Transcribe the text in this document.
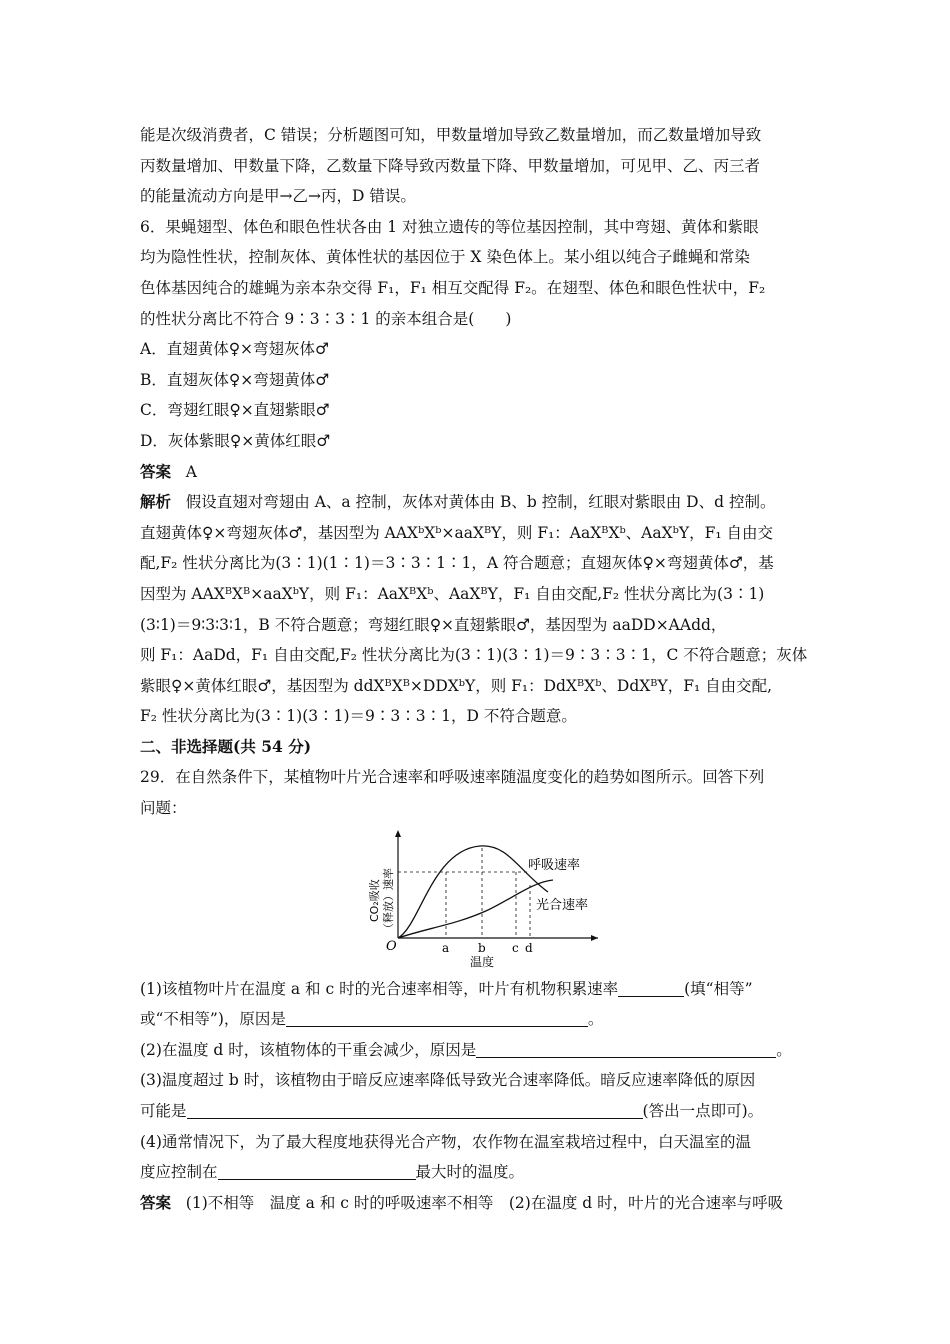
能是次级消费者，C 错误；分析题图可知，甲数量增加导致乙数量增加，而乙数量增加导致
丙数量增加、甲数量下降，乙数量下降导致丙数量下降、甲数量增加，可见甲、乙、丙三者
的能量流动方向是甲→乙→丙，D 错误。
6．果蝇翅型、体色和眼色性状各由 1 对独立遗传的等位基因控制，其中弯翅、黄体和紫眼
均为隐性性状，控制灰体、黄体性状的基因位于 X 染色体上。某小组以纯合子雌蝇和常染
色体基因纯合的雄蝇为亲本杂交得 F₁，F₁ 相互交配得 F₂。在翅型、体色和眼色性状中，F₂
的性状分离比不符合 9∶3∶3∶1 的亲本组合是(　　)
A．直翅黄体♀×弯翅灰体♂
B．直翅灰体♀×弯翅黄体♂
C．弯翅红眼♀×直翅紫眼♂
D．灰体紫眼♀×黄体红眼♂
答案 A
解析 假设直翅对弯翅由 A、a 控制，灰体对黄体由 B、b 控制，红眼对紫眼由 D、d 控制。
直翅黄体♀×弯翅灰体♂，基因型为 AAXᵇXᵇ×aaXᴮY，则 F₁：AaXᴮXᵇ、AaXᵇY，F₁ 自由交
配,F₂ 性状分离比为(3∶1)(1∶1)＝3∶3∶1∶1，A 符合题意；直翅灰体♀×弯翅黄体♂，基
因型为 AAXᴮXᴮ×aaXᵇY，则 F₁：AaXᴮXᵇ、AaXᴮY，F₁ 自由交配,F₂ 性状分离比为(3∶1)
(3∶1)＝9∶3∶3∶1，B 不符合题意；弯翅红眼♀×直翅紫眼♂，基因型为 aaDD×AAdd，
则 F₁：AaDd，F₁ 自由交配,F₂ 性状分离比为(3∶1)(3∶1)＝9∶3∶3∶1，C 不符合题意；灰体
紫眼♀×黄体红眼♂，基因型为 ddXᴮXᴮ×DDXᵇY，则 F₁：DdXᴮXᵇ、DdXᴮY，F₁ 自由交配,
F₂ 性状分离比为(3∶1)(3∶1)＝9∶3∶3∶1，D 不符合题意。
二、非选择题(共 54 分)
29．在自然条件下，某植物叶片光合速率和呼吸速率随温度变化的趋势如图所示。回答下列
问题：
呼吸速率
光合速率
O	a b c d
温度
CO₂吸收 （释放）速率
(1)该植物叶片在温度 a 和 c 时的光合速率相等，叶片有机物积累速率	(填“相等”
或“不相等”)，原因是	。
(2)在温度 d 时，该植物体的干重会减少，原因是	。
(3)温度超过 b 时，该植物由于暗反应速率降低导致光合速率降低。暗反应速率降低的原因
可能是	(答出一点即可)。
(4)通常情况下，为了最大程度地获得光合产物，农作物在温室栽培过程中，白天温室的温
度应控制在	最大时的温度。
答案 (1)不相等　温度 a 和 c 时的呼吸速率不相等　(2)在温度 d 时，叶片的光合速率与呼吸
